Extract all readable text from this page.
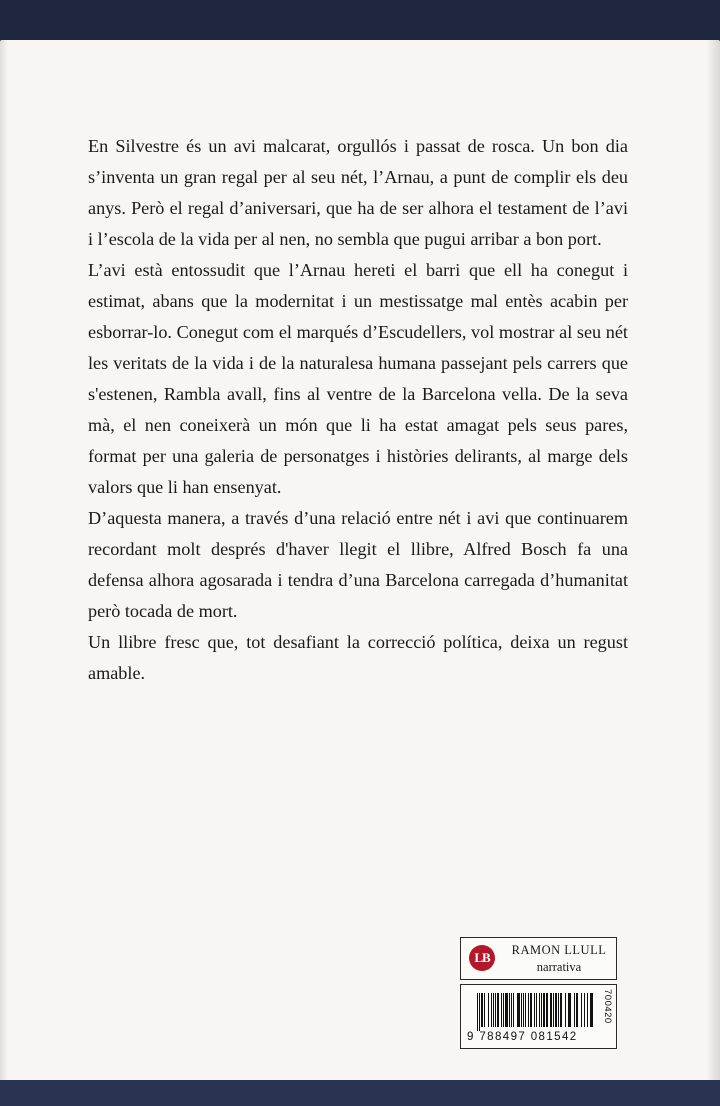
En Silvestre és un avi malcarat, orgullós i passat de rosca. Un bon dia s’inventa un gran regal per al seu nét, l’Arnau, a punt de complir els deu anys. Però el regal d’aniversari, que ha de ser alhora el testament de l’avi i l’escola de la vida per al nen, no sembla que pugui arribar a bon port.

L’avi està entossudit que l’Arnau hereti el barri que ell ha conegut i estimat, abans que la modernitat i un mestissatge mal entès acabin per esborrar-lo. Conegut com el marqués d’Escudellers, vol mostrar al seu nét les veritats de la vida i de la naturalesa humana passejant pels carrers que s'estenen, Rambla avall, fins al ventre de la Barcelona vella. De la seva mà, el nen coneixerà un món que li ha estat amagat pels seus pares, format per una galeria de personatges i històries delirants, al marge dels valors que li han ensenyat.

D’aquesta manera, a través d’una relació entre nét i avi que continuarem recordant molt després d'haver llegit el llibre, Alfred Bosch fa una defensa alhora agosarada i tendra d’una Barcelona carregada d’humanitat però tocada de mort.

Un llibre fresc que, tot desafiant la correcció política, deixa un regust amable.

LB	RAMON LLULL
narrativa
9 788497 081542
700420
